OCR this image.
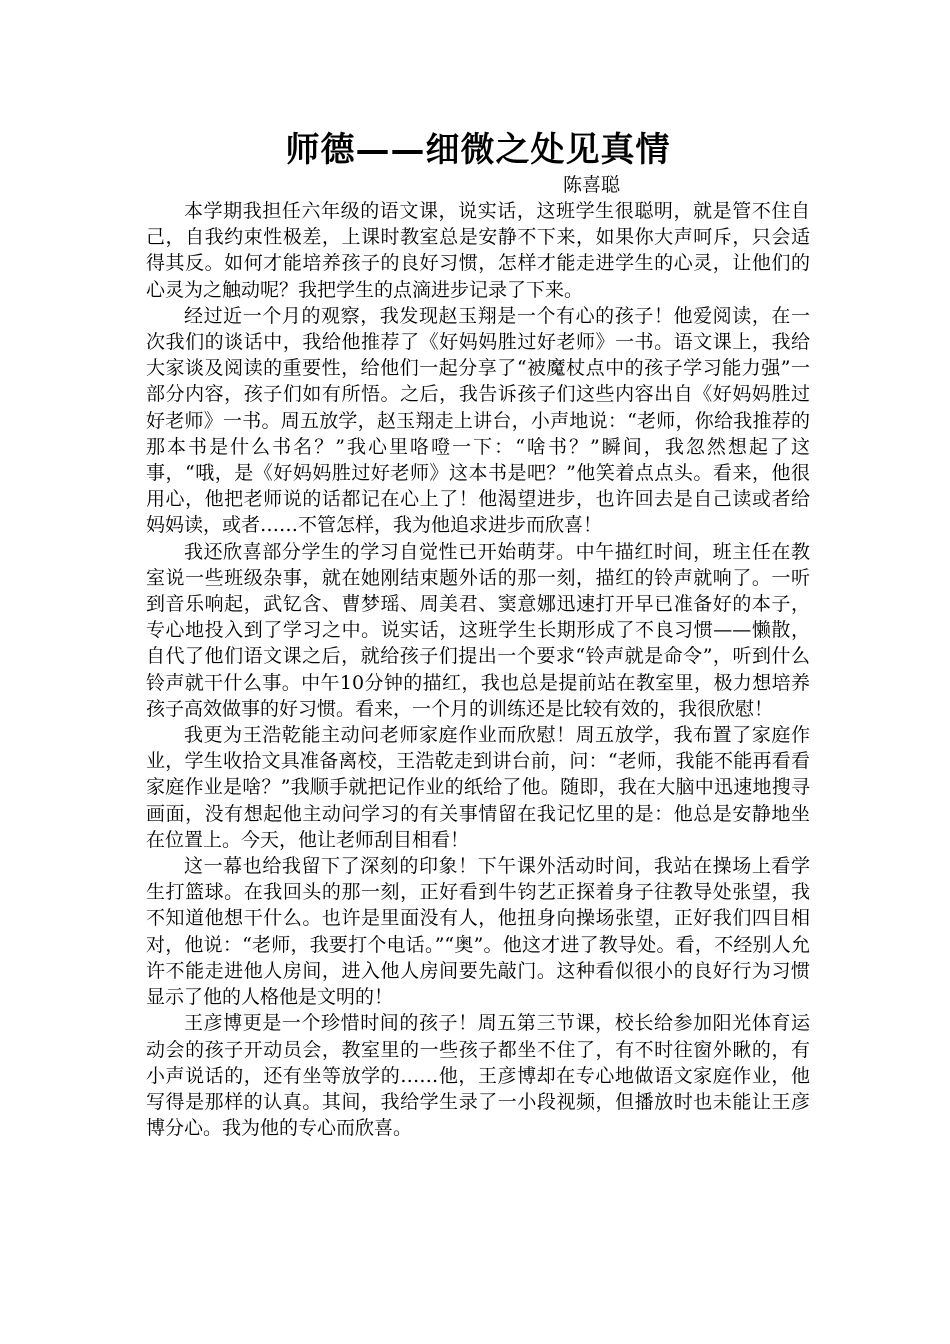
师德——细微之处见真情

陈喜聪

本学期我担任六年级的语文课，说实话，这班学生很聪明，就是管不住自己，自我约束性极差，上课时教室总是安静不下来，如果你大声呵斥，只会适得其反。如何才能培养孩子的良好习惯，怎样才能走进学生的心灵，让他们的心灵为之触动呢？我把学生的点滴进步记录了下来。

经过近一个月的观察，我发现赵玉翔是一个有心的孩子！他爱阅读，在一次我们的谈话中，我给他推荐了《好妈妈胜过好老师》一书。语文课上，我给大家谈及阅读的重要性，给他们一起分享了“被魔杖点中的孩子学习能力强”一部分内容，孩子们如有所悟。之后，我告诉孩子们这些内容出自《好妈妈胜过好老师》一书。周五放学，赵玉翔走上讲台，小声地说：“老师，你给我推荐的那本书是什么书名？”我心里咯噔一下：“啥书？”瞬间，我忽然想起了这事，“哦，是《好妈妈胜过好老师》这本书是吧？”他笑着点点头。看来，他很用心，他把老师说的话都记在心上了！他渴望进步，也许回去是自己读或者给妈妈读，或者……不管怎样，我为他追求进步而欣喜！

我还欣喜部分学生的学习自觉性已开始萌芽。中午描红时间，班主任在教室说一些班级杂事，就在她刚结束题外话的那一刻，描红的铃声就响了。一听到音乐响起，武钇含、曹梦瑶、周美君、窦意娜迅速打开早已准备好的本子，专心地投入到了学习之中。说实话，这班学生长期形成了不良习惯——懒散，自代了他们语文课之后，就给孩子们提出一个要求“铃声就是命令”，听到什么铃声就干什么事。中午10分钟的描红，我也总是提前站在教室里，极力想培养孩子高效做事的好习惯。看来，一个月的训练还是比较有效的，我很欣慰！

我更为王浩乾能主动问老师家庭作业而欣慰！周五放学，我布置了家庭作业，学生收拾文具准备离校，王浩乾走到讲台前，问：“老师，我能不能再看看家庭作业是啥？”我顺手就把记作业的纸给了他。随即，我在大脑中迅速地搜寻画面，没有想起他主动问学习的有关事情留在我记忆里的是：他总是安静地坐在位置上。今天，他让老师刮目相看！

这一幕也给我留下了深刻的印象！下午课外活动时间，我站在操场上看学生打篮球。在我回头的那一刻，正好看到牛钧艺正探着身子往教导处张望，我不知道他想干什么。也许是里面没有人，他扭身向操场张望，正好我们四目相对，他说：“老师，我要打个电话。”“奥”。他这才进了教导处。看，不经别人允许不能走进他人房间，进入他人房间要先敲门。这种看似很小的良好行为习惯显示了他的人格他是文明的！

王彦博更是一个珍惜时间的孩子！周五第三节课，校长给参加阳光体育运动会的孩子开动员会，教室里的一些孩子都坐不住了，有不时往窗外瞅的，有小声说话的，还有坐等放学的……他，王彦博却在专心地做语文家庭作业，他写得是那样的认真。其间，我给学生录了一小段视频，但播放时也未能让王彦博分心。我为他的专心而欣喜。
